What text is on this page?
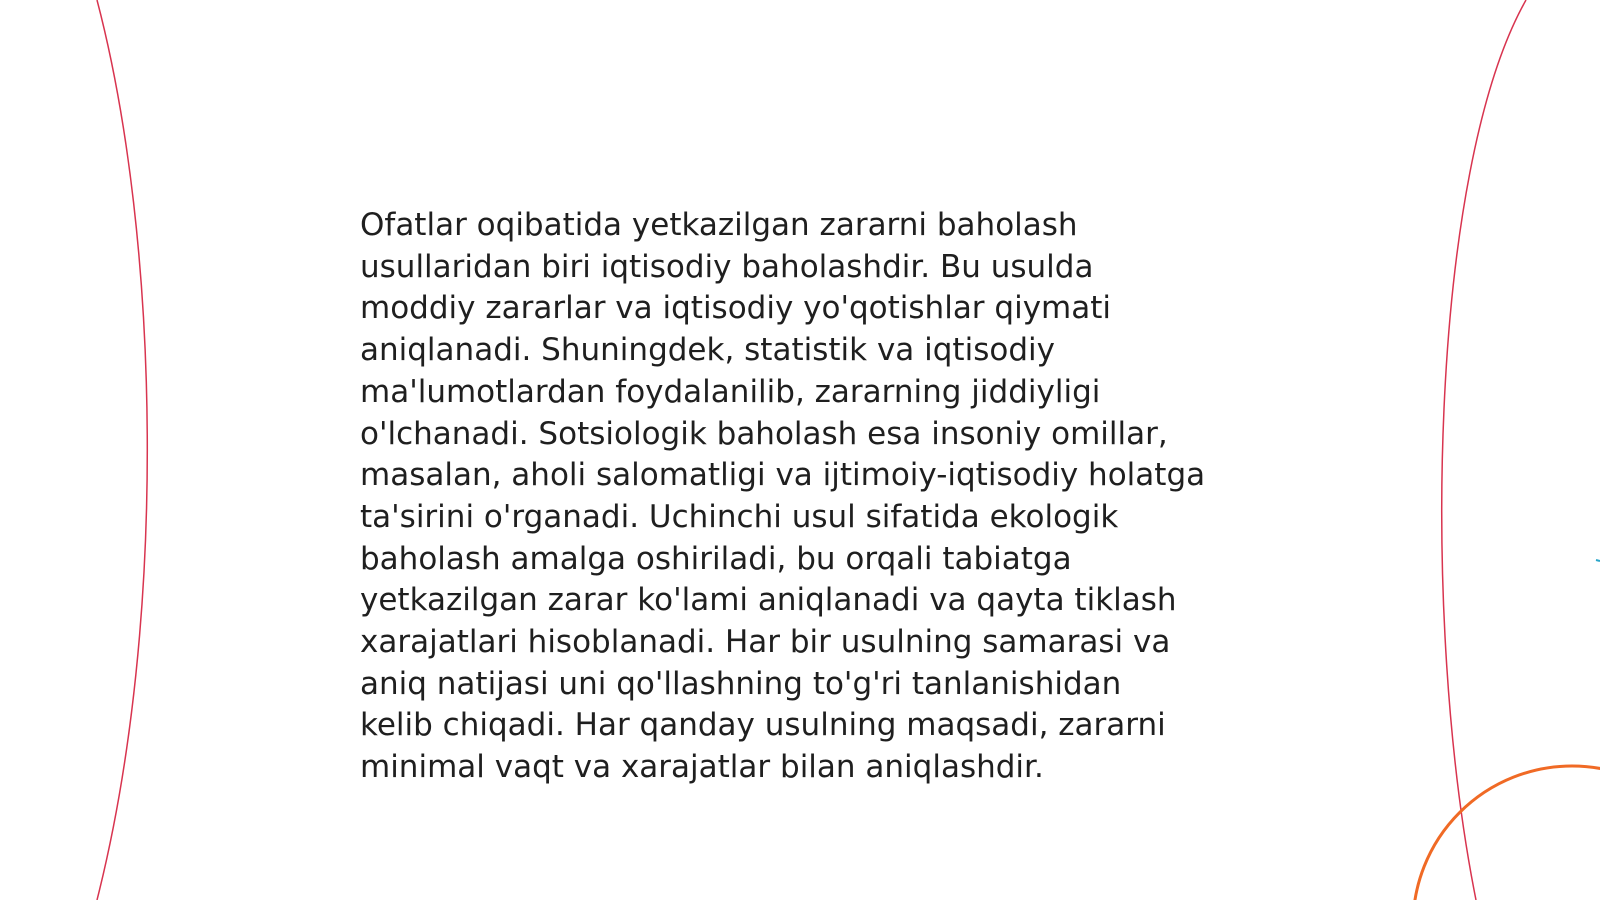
Ofatlar oqibatida yetkazilgan zararni baholash
usullaridan biri iqtisodiy baholashdir. Bu usulda
moddiy zararlar va iqtisodiy yo'qotishlar qiymati
aniqlanadi. Shuningdek, statistik va iqtisodiy
ma'lumotlardan foydalanilib, zararning jiddiyligi
o'lchanadi. Sotsiologik baholash esa insoniy omillar,
masalan, aholi salomatligi va ijtimoiy-iqtisodiy holatga
ta'sirini o'rganadi. Uchinchi usul sifatida ekologik
baholash amalga oshiriladi, bu orqali tabiatga
yetkazilgan zarar ko'lami aniqlanadi va qayta tiklash
xarajatlari hisoblanadi. Har bir usulning samarasi va
aniq natijasi uni qo'llashning to'g'ri tanlanishidan
kelib chiqadi. Har qanday usulning maqsadi, zararni
minimal vaqt va xarajatlar bilan aniqlashdir.
